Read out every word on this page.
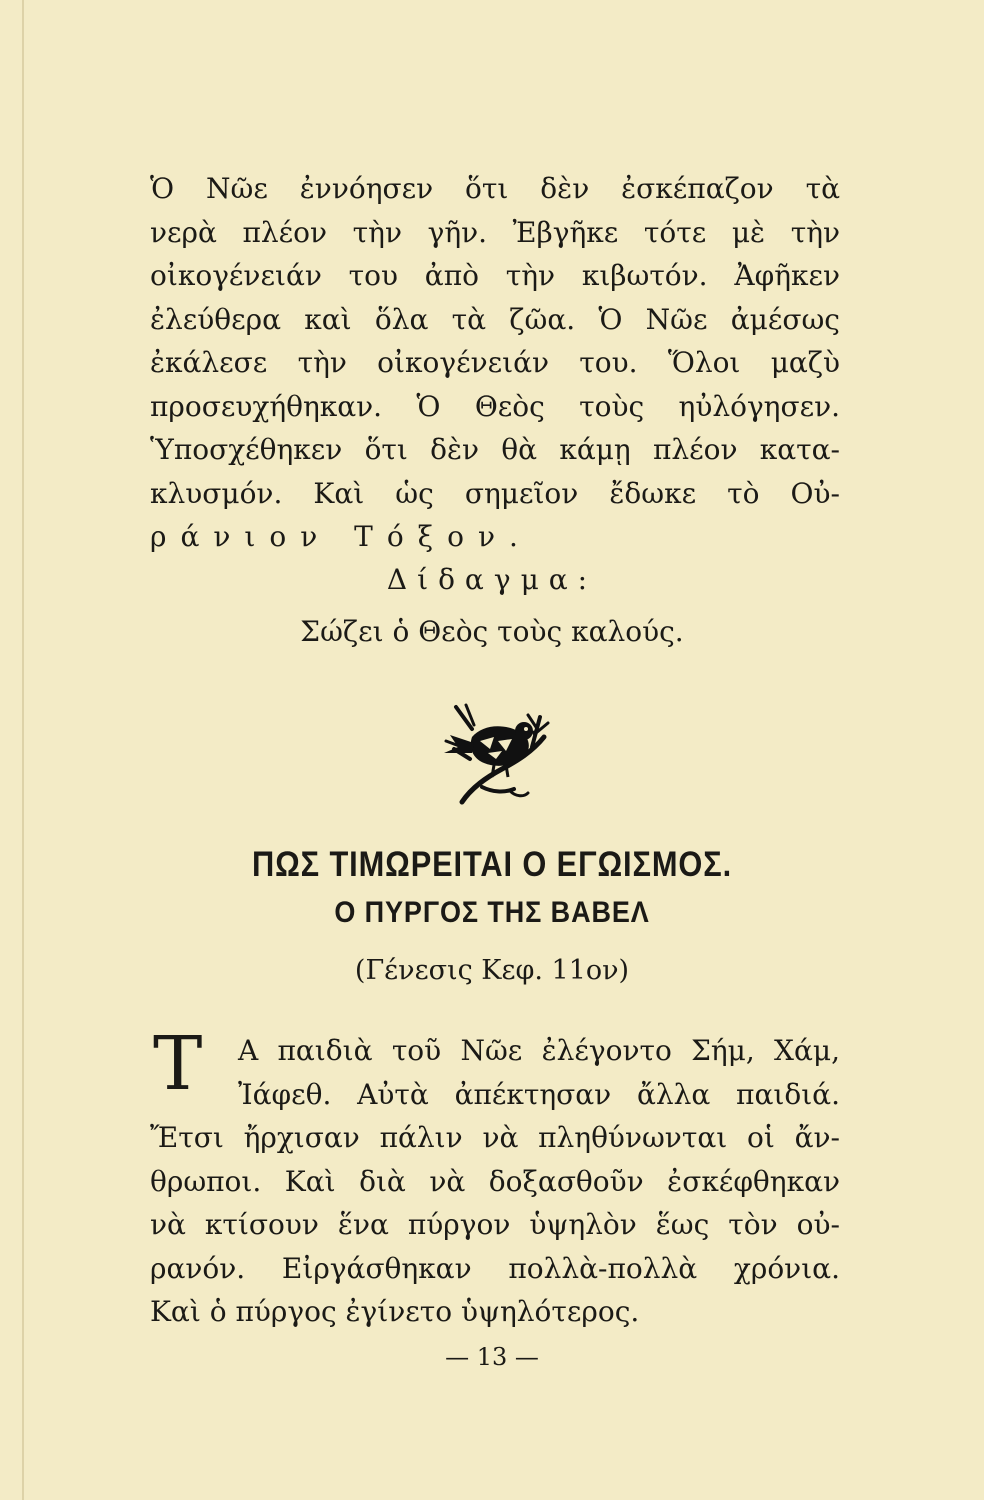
Ὁ Νῶε ἐννόησεν ὅτι δὲν ἐσκέπαζον τὰ
νερὰ πλέον τὴν γῆν. Ἐβγῆκε τότε μὲ τὴν
οἰκογένειάν του ἀπὸ τὴν κιβωτόν. Ἀφῆκεν
ἐλεύθερα καὶ ὅλα τὰ ζῶα. Ὁ Νῶε ἀμέσως
ἐκάλεσε τὴν οἰκογένειάν του. Ὅλοι μαζὺ
προσευχήθηκαν. Ὁ Θεὸς τοὺς ηὐλόγησεν.
Ὑποσχέθηκεν ὅτι δὲν θὰ κάμῃ πλέον κατα-
κλυσμόν. Καὶ ὡς σημεῖον ἔδωκε τὸ Οὐ-
ράνιον Τόξον.
Δίδαγμα:
Σώζει ὁ Θεὸς τοὺς καλούς.
ΠΩΣ ΤΙΜΩΡΕΙΤΑΙ Ο ΕΓΩΙΣΜΟΣ.
Ο ΠΥΡΓΟΣ ΤΗΣ ΒΑΒΕΛ
(Γένεσις Κεφ. 11ον)
Τ	Α παιδιὰ τοῦ Νῶε ἐλέγοντο Σήμ, Χάμ,
Ἰάφεθ. Αὐτὰ ἀπέκτησαν ἄλλα παιδιά.
Ἔτσι ἤρχισαν πάλιν νὰ πληθύνωνται οἱ ἄν-
θρωποι. Καὶ διὰ νὰ δοξασθοῦν ἐσκέφθηκαν
νὰ κτίσουν ἕνα πύργον ὑψηλὸν ἕως τὸν οὐ-
ρανόν. Εἰργάσθηκαν πολλὰ-πολλὰ χρόνια.
Καὶ ὁ πύργος ἐγίνετο ὑψηλότερος.
— 13 —
